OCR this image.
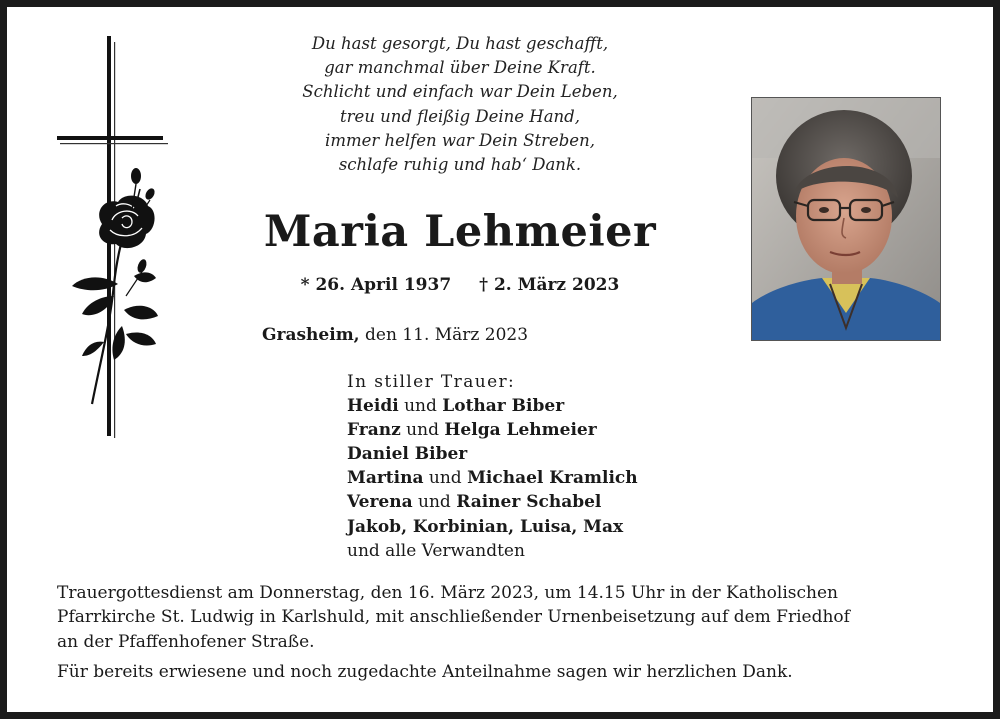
Du hast gesorgt, Du hast geschafft,
gar manchmal über Deine Kraft.
Schlicht und einfach war Dein Leben,
treu und fleißig Deine Hand,
immer helfen war Dein Streben,
schlafe ruhig und hab‘ Dank.
Maria Lehmeier
* 26. April 1937 † 2. März 2023
Grasheim, den 11. März 2023
In stiller Trauer:
Heidi und Lothar Biber
Franz und Helga Lehmeier
Daniel Biber
Martina und Michael Kramlich
Verena und Rainer Schabel
Jakob, Korbinian, Luisa, Max
und alle Verwandten
Trauergottesdienst am Donnerstag, den 16. März 2023, um 14.15 Uhr in der Katholischen
Pfarrkirche St. Ludwig in Karlshuld, mit anschließender Urnenbeisetzung auf dem Friedhof
an der Pfaffenhofener Straße.
Für bereits erwiesene und noch zugedachte Anteilnahme sagen wir herzlichen Dank.
